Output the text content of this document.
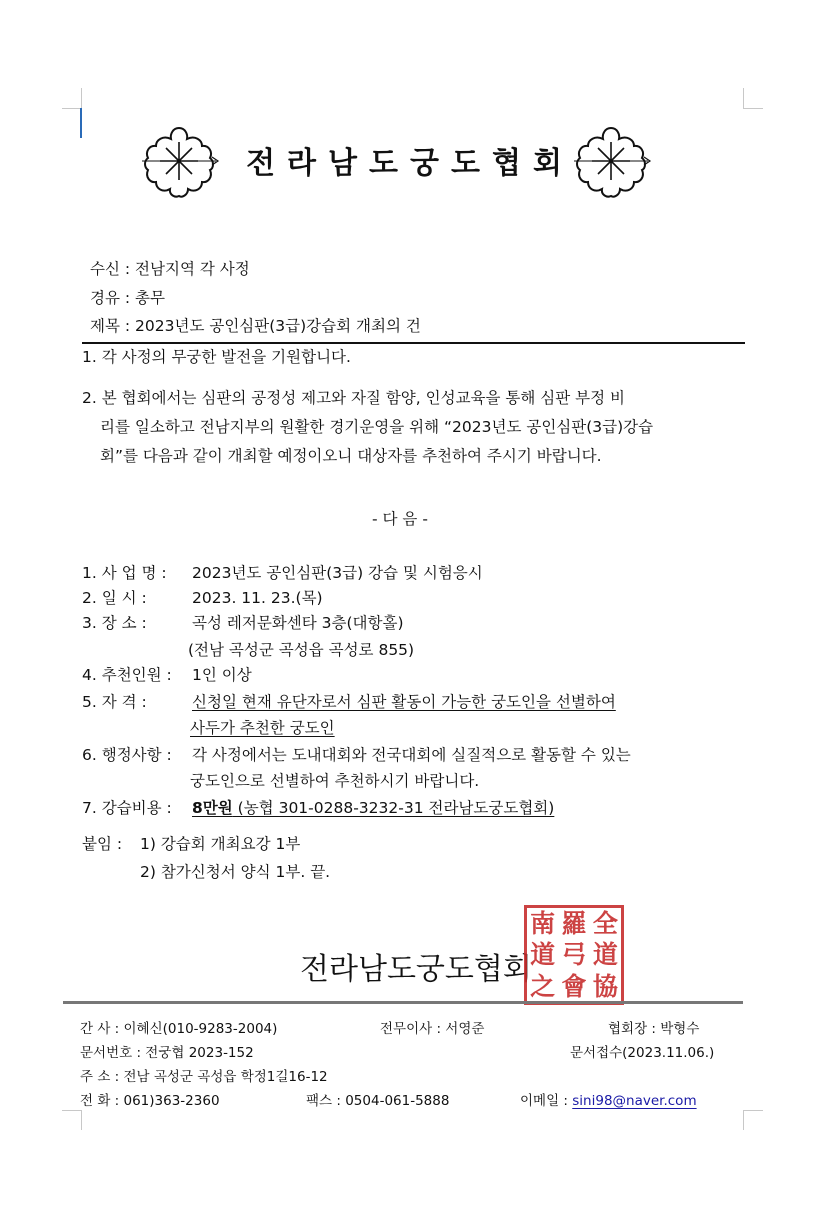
전라남도궁도협회
수신 : 전남지역 각 사정
경유 : 총무
제목 : 2023년도 공인심판(3급)강습회 개최의 건
1. 각 사정의 무궁한 발전을 기원합니다.
2. 본 협회에서는 심판의 공정성 제고와 자질 함양, 인성교육을 통해 심판 부정 비
리를 일소하고 전남지부의 원활한 경기운영을 위해 “2023년도 공인심판(3급)강습
회”를 다음과 같이 개최할 예정이오니 대상자를 추천하여 주시기 바랍니다.
- 다 음 -
1. 사 업 명 : 2023년도 공인심판(3급) 강습 및 시험응시
2. 일 시 :	2023. 11. 23.(목)
3. 장 소 :	곡성 레저문화센타 3층(대항홀)
(전남 곡성군 곡성읍 곡성로 855)
4. 추천인원 : 1인 이상
5. 자 격 :	신청일 현재 유단자로서 심판 활동이 가능한 궁도인을 선별하여
사두가 추천한 궁도인
6. 행정사항 : 각 사정에서는 도내대회와 전국대회에 실질적으로 활동할 수 있는
궁도인으로 선별하여 추천하시기 바랍니다.
7. 강습비용 : 8만원 (농협 301-0288-3232-31 전라남도궁도협회)
붙임 : 1) 강습회 개최요강 1부
2) 참가신청서 양식 1부. 끝.
전라남도궁도협회
南 羅 全
道 弓 道
之 會 協
간 사 : 이혜신(010-9283-2004)	전무이사 : 서영준	협회장 : 박형수
문서번호 : 전궁협 2023-152	문서접수(2023.11.06.)
주 소 : 전남 곡성군 곡성읍 학정1길16-12
전 화 : 061)363-2360	팩스 : 0504-061-5888	이메일 : sini98@naver.com
